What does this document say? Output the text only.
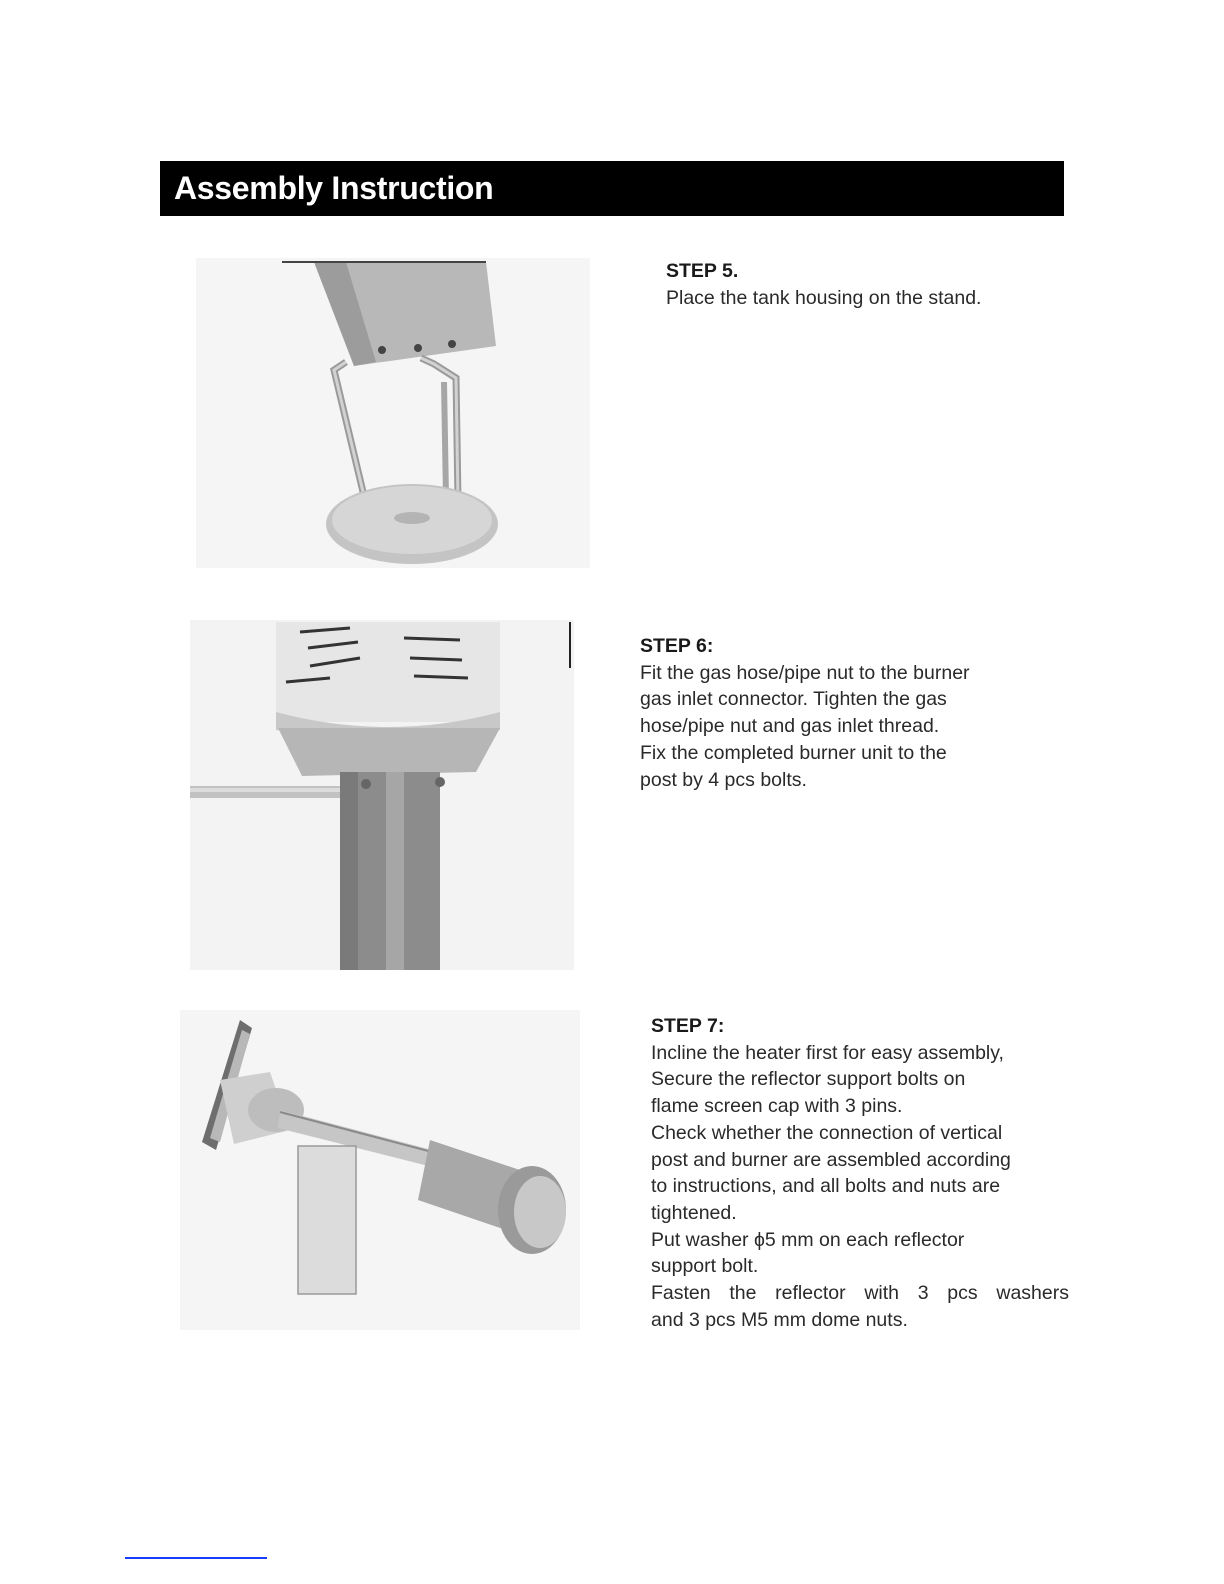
Assembly Instruction

STEP 5.

Place the tank housing on the stand.

STEP 6:

Fit the gas hose/pipe nut to the burner

gas inlet connector. Tighten the gas

hose/pipe nut and gas inlet thread.

Fix the completed burner unit to the

post by 4 pcs bolts.

STEP 7:

Incline the heater first for easy assembly,

Secure the reflector support bolts on

flame screen cap with 3 pins.

Check whether the connection of vertical

post and burner are assembled according

to instructions, and all bolts and nuts are

tightened.

Put washer ϕ5 mm on each reflector

support bolt.

Fasten the reflector with 3 pcs washers

and 3 pcs M5 mm dome nuts.
